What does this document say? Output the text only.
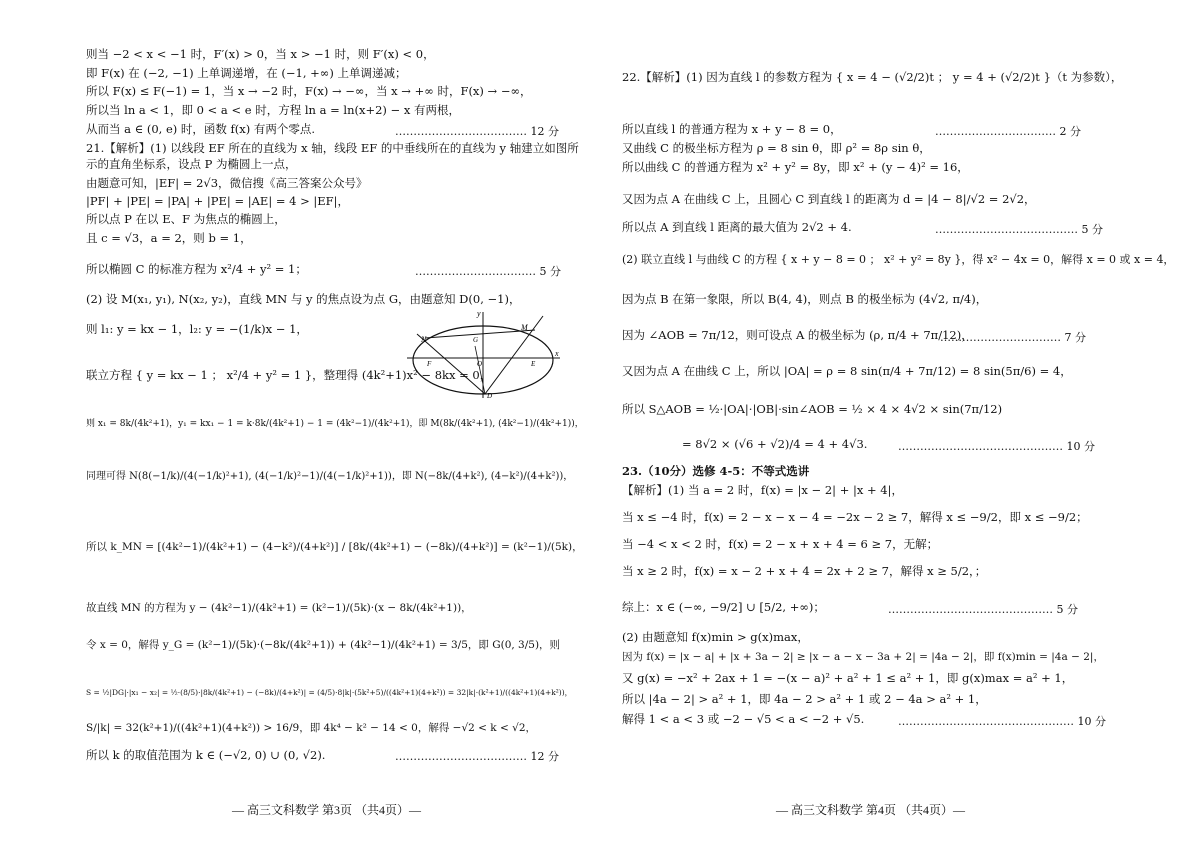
则当 −2 < x < −1 时，F′(x) > 0，当 x > −1 时，则 F′(x) < 0，
即 F(x) 在 (−2, −1) 上单调递增，在 (−1, +∞) 上单调递减；
所以 F(x) ≤ F(−1) = 1，当 x → −2 时，F(x) → −∞，当 x → +∞ 时，F(x) → −∞，
所以当 ln a < 1，即 0 < a < e 时，方程 ln a = ln(x+2) − x 有两根，
从而当 a ∈ (0, e) 时，函数 f(x) 有两个零点.	……………………………… 12 分
21.【解析】(1) 以线段 EF 所在的直线为 x 轴，线段 EF 的中垂线所在的直线为 y 轴建立如图所
示的直角坐标系，设点 P 为椭圆上一点，
由题意可知，|EF| = 2√3，微信搜《高三答案公众号》
|PF| + |PE| = |PA| + |PE| = |AE| = 4 > |EF|，
所以点 P 在以 E、F 为焦点的椭圆上，
且 c = √3，a = 2，则 b = 1，
所以椭圆 C 的标准方程为 x²/4 + y² = 1；	…………………………… 5 分
(2) 设 M(x₁, y₁), N(x₂, y₂)，直线 MN 与 y 的焦点设为点 G，由题意知 D(0, −1)，
则 l₁: y = kx − 1，l₂: y = −(1/k)x − 1，
联立方程 { y = kx − 1 ； x²/4 + y² = 1 }，整理得 (4k²+1)x² − 8kx = 0，
则 x₁ = 8k/(4k²+1)，y₁ = kx₁ − 1 = k·8k/(4k²+1) − 1 = (4k²−1)/(4k²+1)，即 M(8k/(4k²+1), (4k²−1)/(4k²+1))，
同理可得 N(8(−1/k)/(4(−1/k)²+1), (4(−1/k)²−1)/(4(−1/k)²+1))，即 N(−8k/(4+k²), (4−k²)/(4+k²))，
所以 k_MN = [(4k²−1)/(4k²+1) − (4−k²)/(4+k²)] / [8k/(4k²+1) − (−8k)/(4+k²)] = (k²−1)/(5k)，
故直线 MN 的方程为 y − (4k²−1)/(4k²+1) = (k²−1)/(5k)·(x − 8k/(4k²+1))，
令 x = 0，解得 y_G = (k²−1)/(5k)·(−8k/(4k²+1)) + (4k²−1)/(4k²+1) = 3/5，即 G(0, 3/5)，则
S = ½|DG|·|x₁ − x₂| = ½·(8/5)·|8k/(4k²+1) − (−8k)/(4+k²)| = (4/5)·8|k|·(5k²+5)/((4k²+1)(4+k²)) = 32|k|·(k²+1)/((4k²+1)(4+k²))，
S/|k| = 32(k²+1)/((4k²+1)(4+k²)) > 16/9，即 4k⁴ − k² − 14 < 0，解得 −√2 < k < √2，
所以 k 的取值范围为 k ∈ (−√2, 0) ∪ (0, √2).	……………………………… 12 分
— 高三文科数学 第3页 （共4页）—
y
x
N
M
G
O
F	E
D
22.【解析】(1) 因为直线 l 的参数方程为 { x = 4 − (√2/2)t ； y = 4 + (√2/2)t }（t 为参数），
所以直线 l 的普通方程为 x + y − 8 = 0，	…………………………… 2 分
又曲线 C 的极坐标方程为 ρ = 8 sin θ，即 ρ² = 8ρ sin θ，
所以曲线 C 的普通方程为 x² + y² = 8y，即 x² + (y − 4)² = 16，
又因为点 A 在曲线 C 上，且圆心 C 到直线 l 的距离为 d = |4 − 8|/√2 = 2√2，
所以点 A 到直线 l 距离的最大值为 2√2 + 4.	………………………………… 5 分
(2) 联立直线 l 与曲线 C 的方程 { x + y − 8 = 0 ； x² + y² = 8y }，得 x² − 4x = 0，解得 x = 0 或 x = 4，
因为点 B 在第一象限，所以 B(4, 4)，则点 B 的极坐标为 (4√2, π/4)，
因为 ∠AOB = 7π/12，则可设点 A 的极坐标为 (ρ, π/4 + 7π/12)，
…………………………… 7 分
又因为点 A 在曲线 C 上，所以 |OA| = ρ = 8 sin(π/4 + 7π/12) = 8 sin(5π/6) = 4，
所以 S△AOB = ½·|OA|·|OB|·sin∠AOB = ½ × 4 × 4√2 × sin(7π/12)
= 8√2 × (√6 + √2)/4 = 4 + 4√3.	……………………………………… 10 分
23.（10分）选修 4-5：不等式选讲
【解析】(1) 当 a = 2 时，f(x) = |x − 2| + |x + 4|，
当 x ≤ −4 时，f(x) = 2 − x − x − 4 = −2x − 2 ≥ 7，解得 x ≤ −9/2，即 x ≤ −9/2；
当 −4 < x < 2 时，f(x) = 2 − x + x + 4 = 6 ≥ 7，无解；
当 x ≥ 2 时，f(x) = x − 2 + x + 4 = 2x + 2 ≥ 7，解得 x ≥ 5/2，；
综上：x ∈ (−∞, −9/2] ∪ [5/2, +∞)；	……………………………………… 5 分
(2) 由题意知 f(x)min > g(x)max，
因为 f(x) = |x − a| + |x + 3a − 2| ≥ |x − a − x − 3a + 2| = |4a − 2|，即 f(x)min = |4a − 2|，
又 g(x) = −x² + 2ax + 1 = −(x − a)² + a² + 1 ≤ a² + 1，即 g(x)max = a² + 1，
所以 |4a − 2| > a² + 1，即 4a − 2 > a² + 1 或 2 − 4a > a² + 1，
解得 1 < a < 3 或 −2 − √5 < a < −2 + √5.	………………………………………… 10 分
— 高三文科数学 第4页 （共4页）—
